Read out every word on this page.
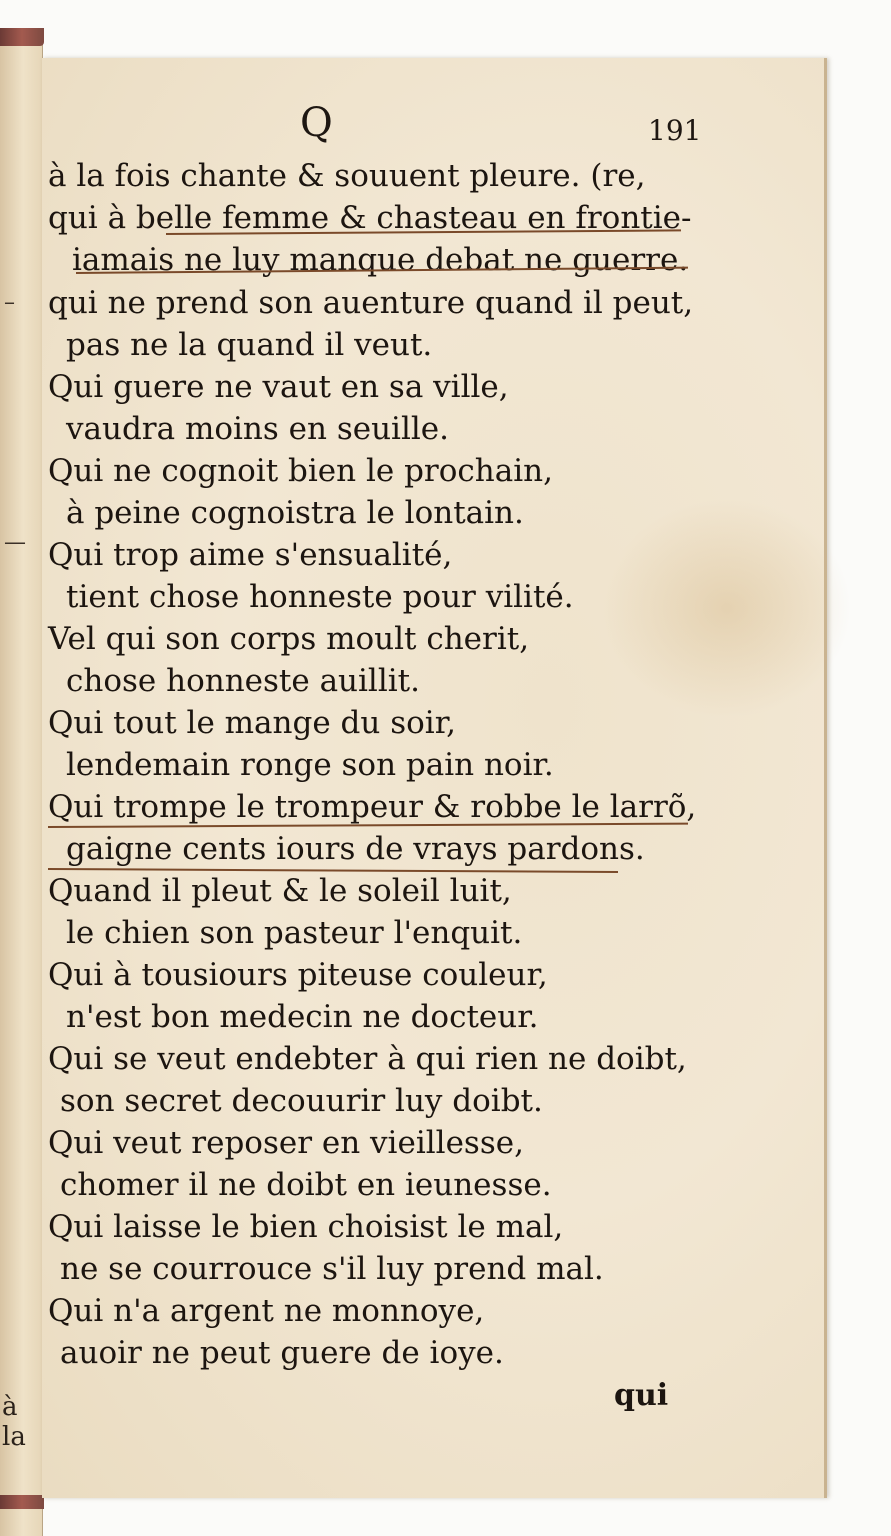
–
—
à la
Q	191
à la fois chante & souuent pleure. (re,
qui à belle femme & chasteau en frontie-
iamais ne luy manque debat ne guerre.
qui ne prend son auenture quand il peut,
pas ne la quand il veut.
Qui guere ne vaut en sa ville,
vaudra moins en seuille.
Qui ne cognoit bien le prochain,
à peine cognoistra le lontain.
Qui trop aime s'ensualité,
tient chose honneste pour vilité.
Vel qui son corps moult cherit,
chose honneste auillit.
Qui tout le mange du soir,
lendemain ronge son pain noir.
Qui trompe le trompeur & robbe le larrõ,
gaigne cents iours de vrays pardons.
Quand il pleut & le soleil luit,
le chien son pasteur l'enquit.
Qui à tousiours piteuse couleur,
n'est bon medecin ne docteur.
Qui se veut endebter à qui rien ne doibt,
son secret decouurir luy doibt.
Qui veut reposer en vieillesse,
chomer il ne doibt en ieunesse.
Qui laisse le bien choisist le mal,
ne se courrouce s'il luy prend mal.
Qui n'a argent ne monnoye,
auoir ne peut guere de ioye.
qui
